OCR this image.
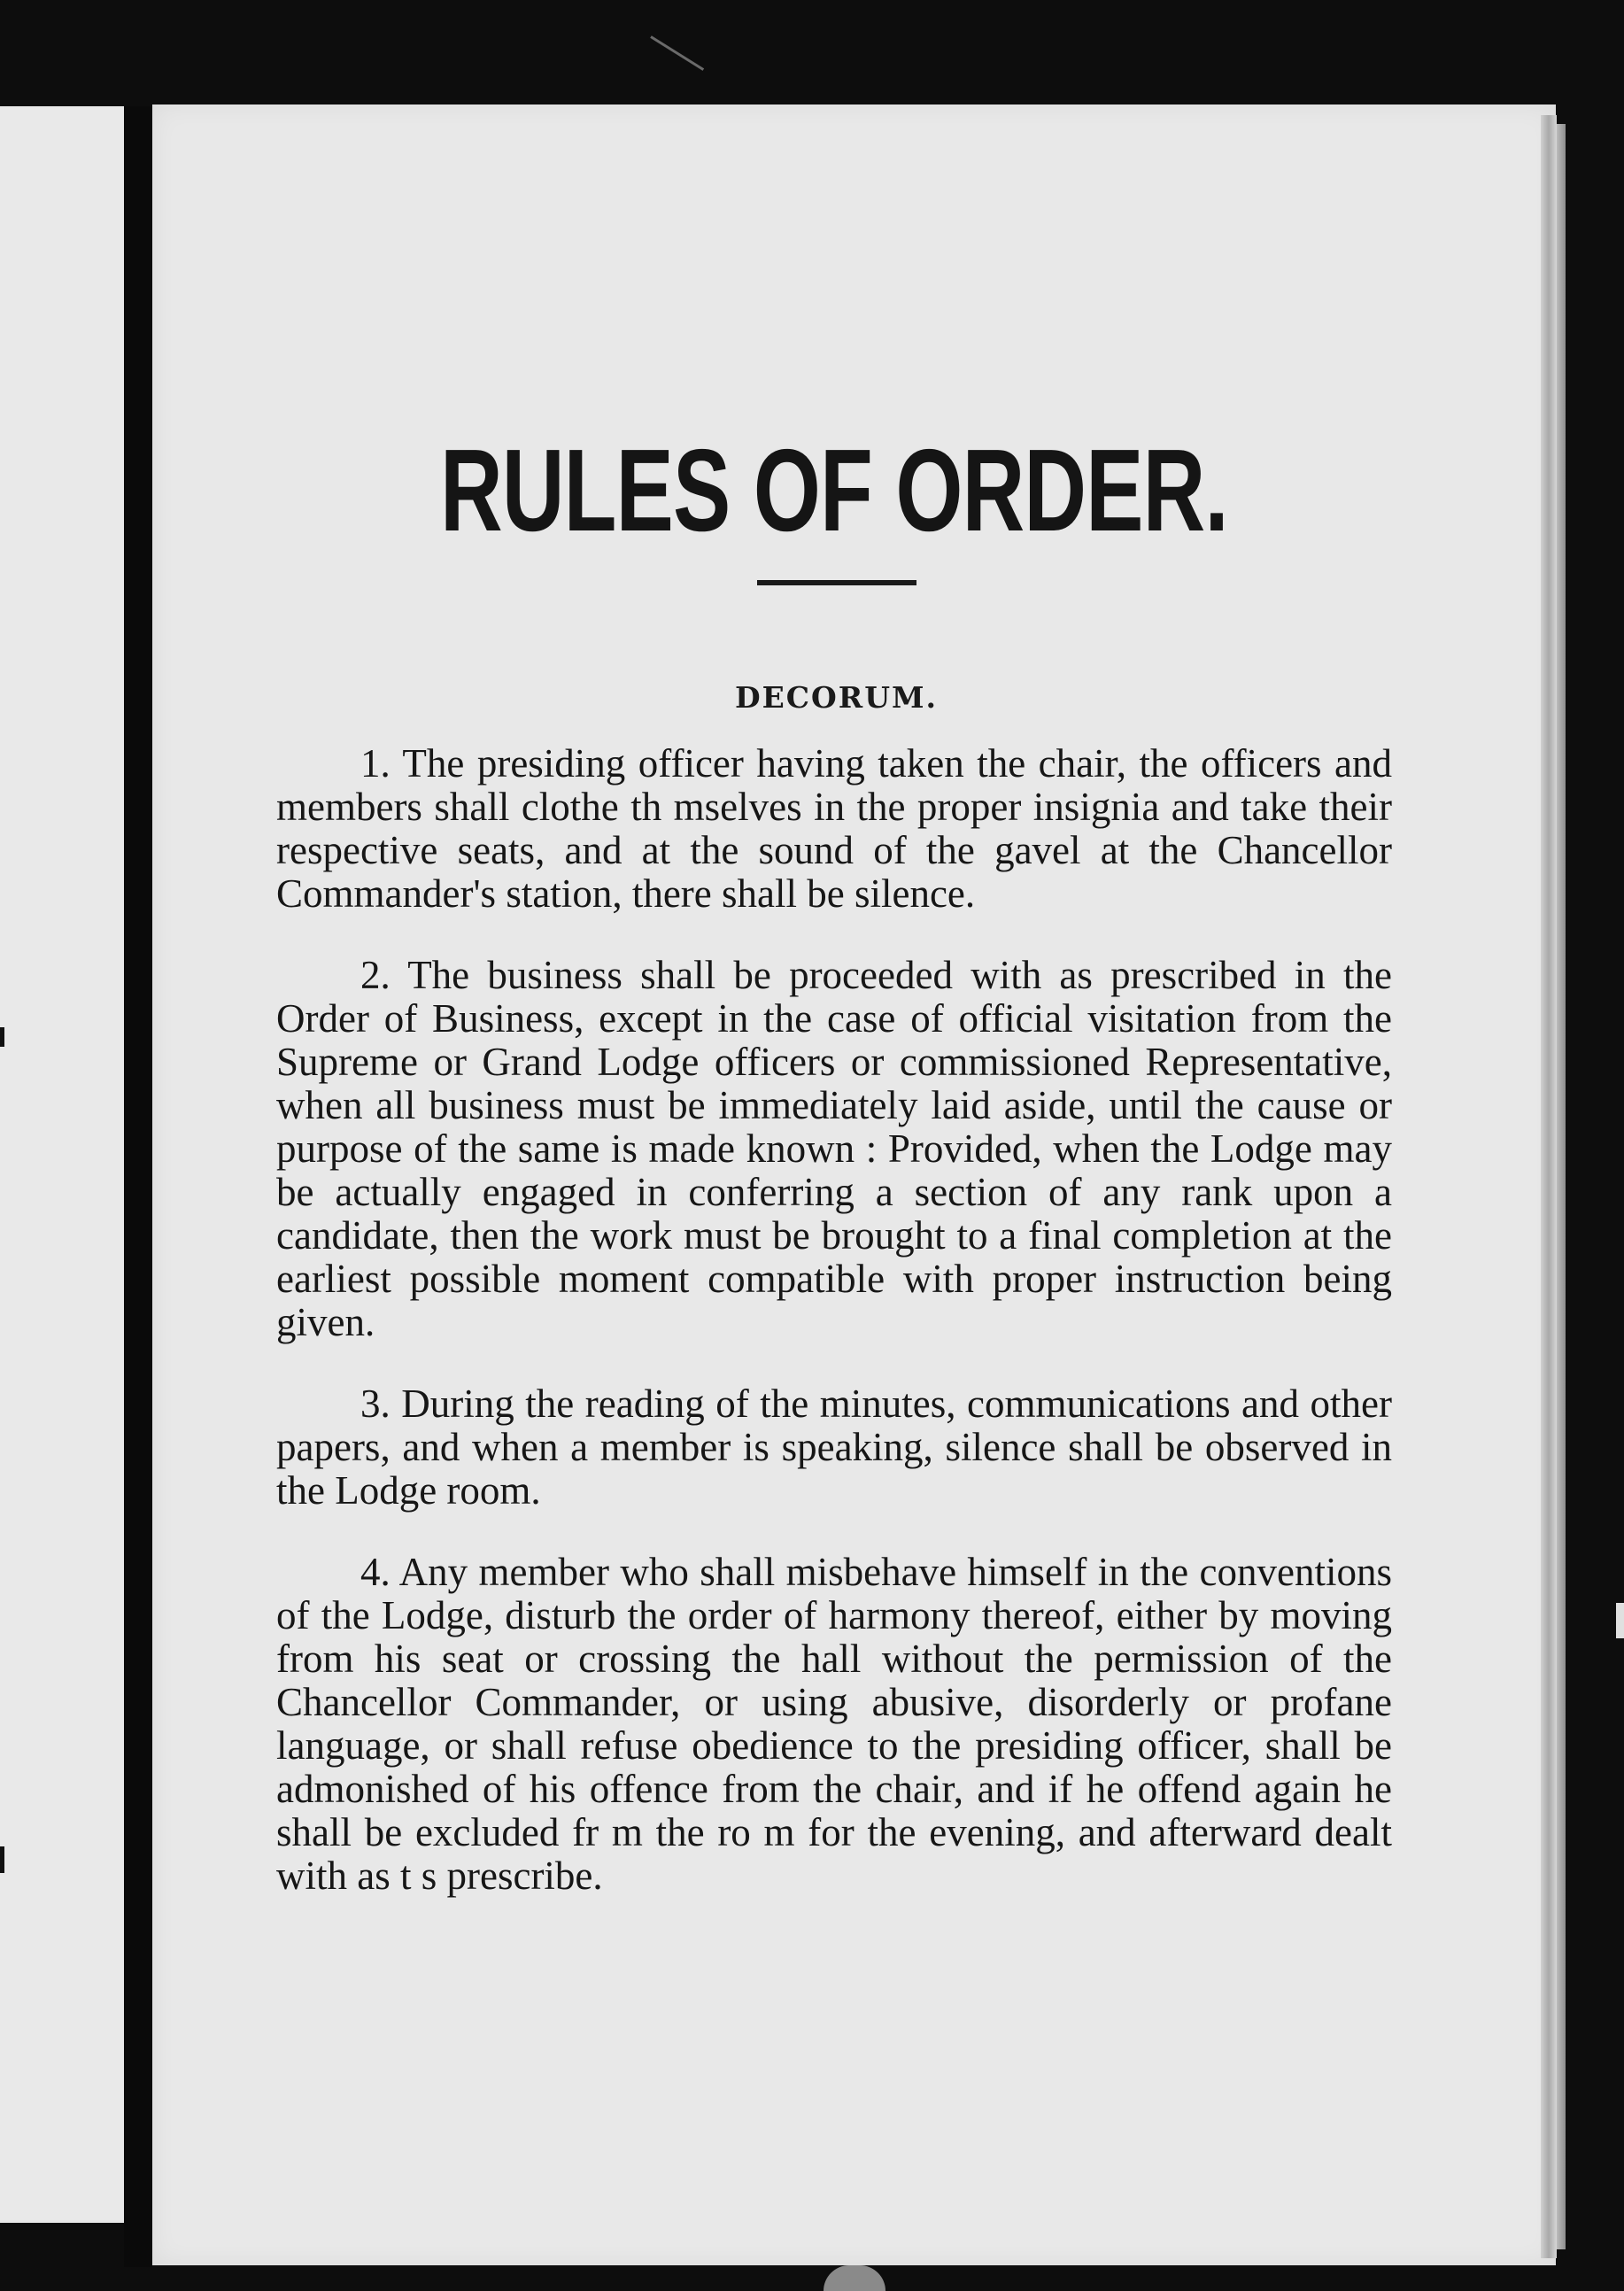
RULES OF ORDER.
DECORUM.

1. The presiding officer having taken the chair, the officers and members shall clothe th mselves in the proper insignia and take their respective seats, and at the sound of the gavel at the Chancellor Commander's station, there shall be silence.

2. The business shall be proceeded with as prescribed in the Order of Business, except in the case of official visitation from the Supreme or Grand Lodge officers or commissioned Representative, when all business must be immediately laid aside, until the cause or purpose of the same is made known : Provided, when the Lodge may be actually engaged in conferring a section of any rank upon a candidate, then the work must be brought to a final completion at the earliest possible moment compatible with proper instruction being given.

3. During the reading of the minutes, communications and other papers, and when a member is speaking, silence shall be observed in the Lodge room.

4. Any member who shall misbehave himself in the conventions of the Lodge, disturb the order of harmony thereof, either by moving from his seat or crossing the hall without the permission of the Chancellor Commander, or using abusive, disorderly or profane language, or shall refuse obedience to the presiding officer, shall be admonished of his offence from the chair, and if he offend again he shall be excluded fr m the ro m for the evening, and afterward dealt with as t s prescribe.
